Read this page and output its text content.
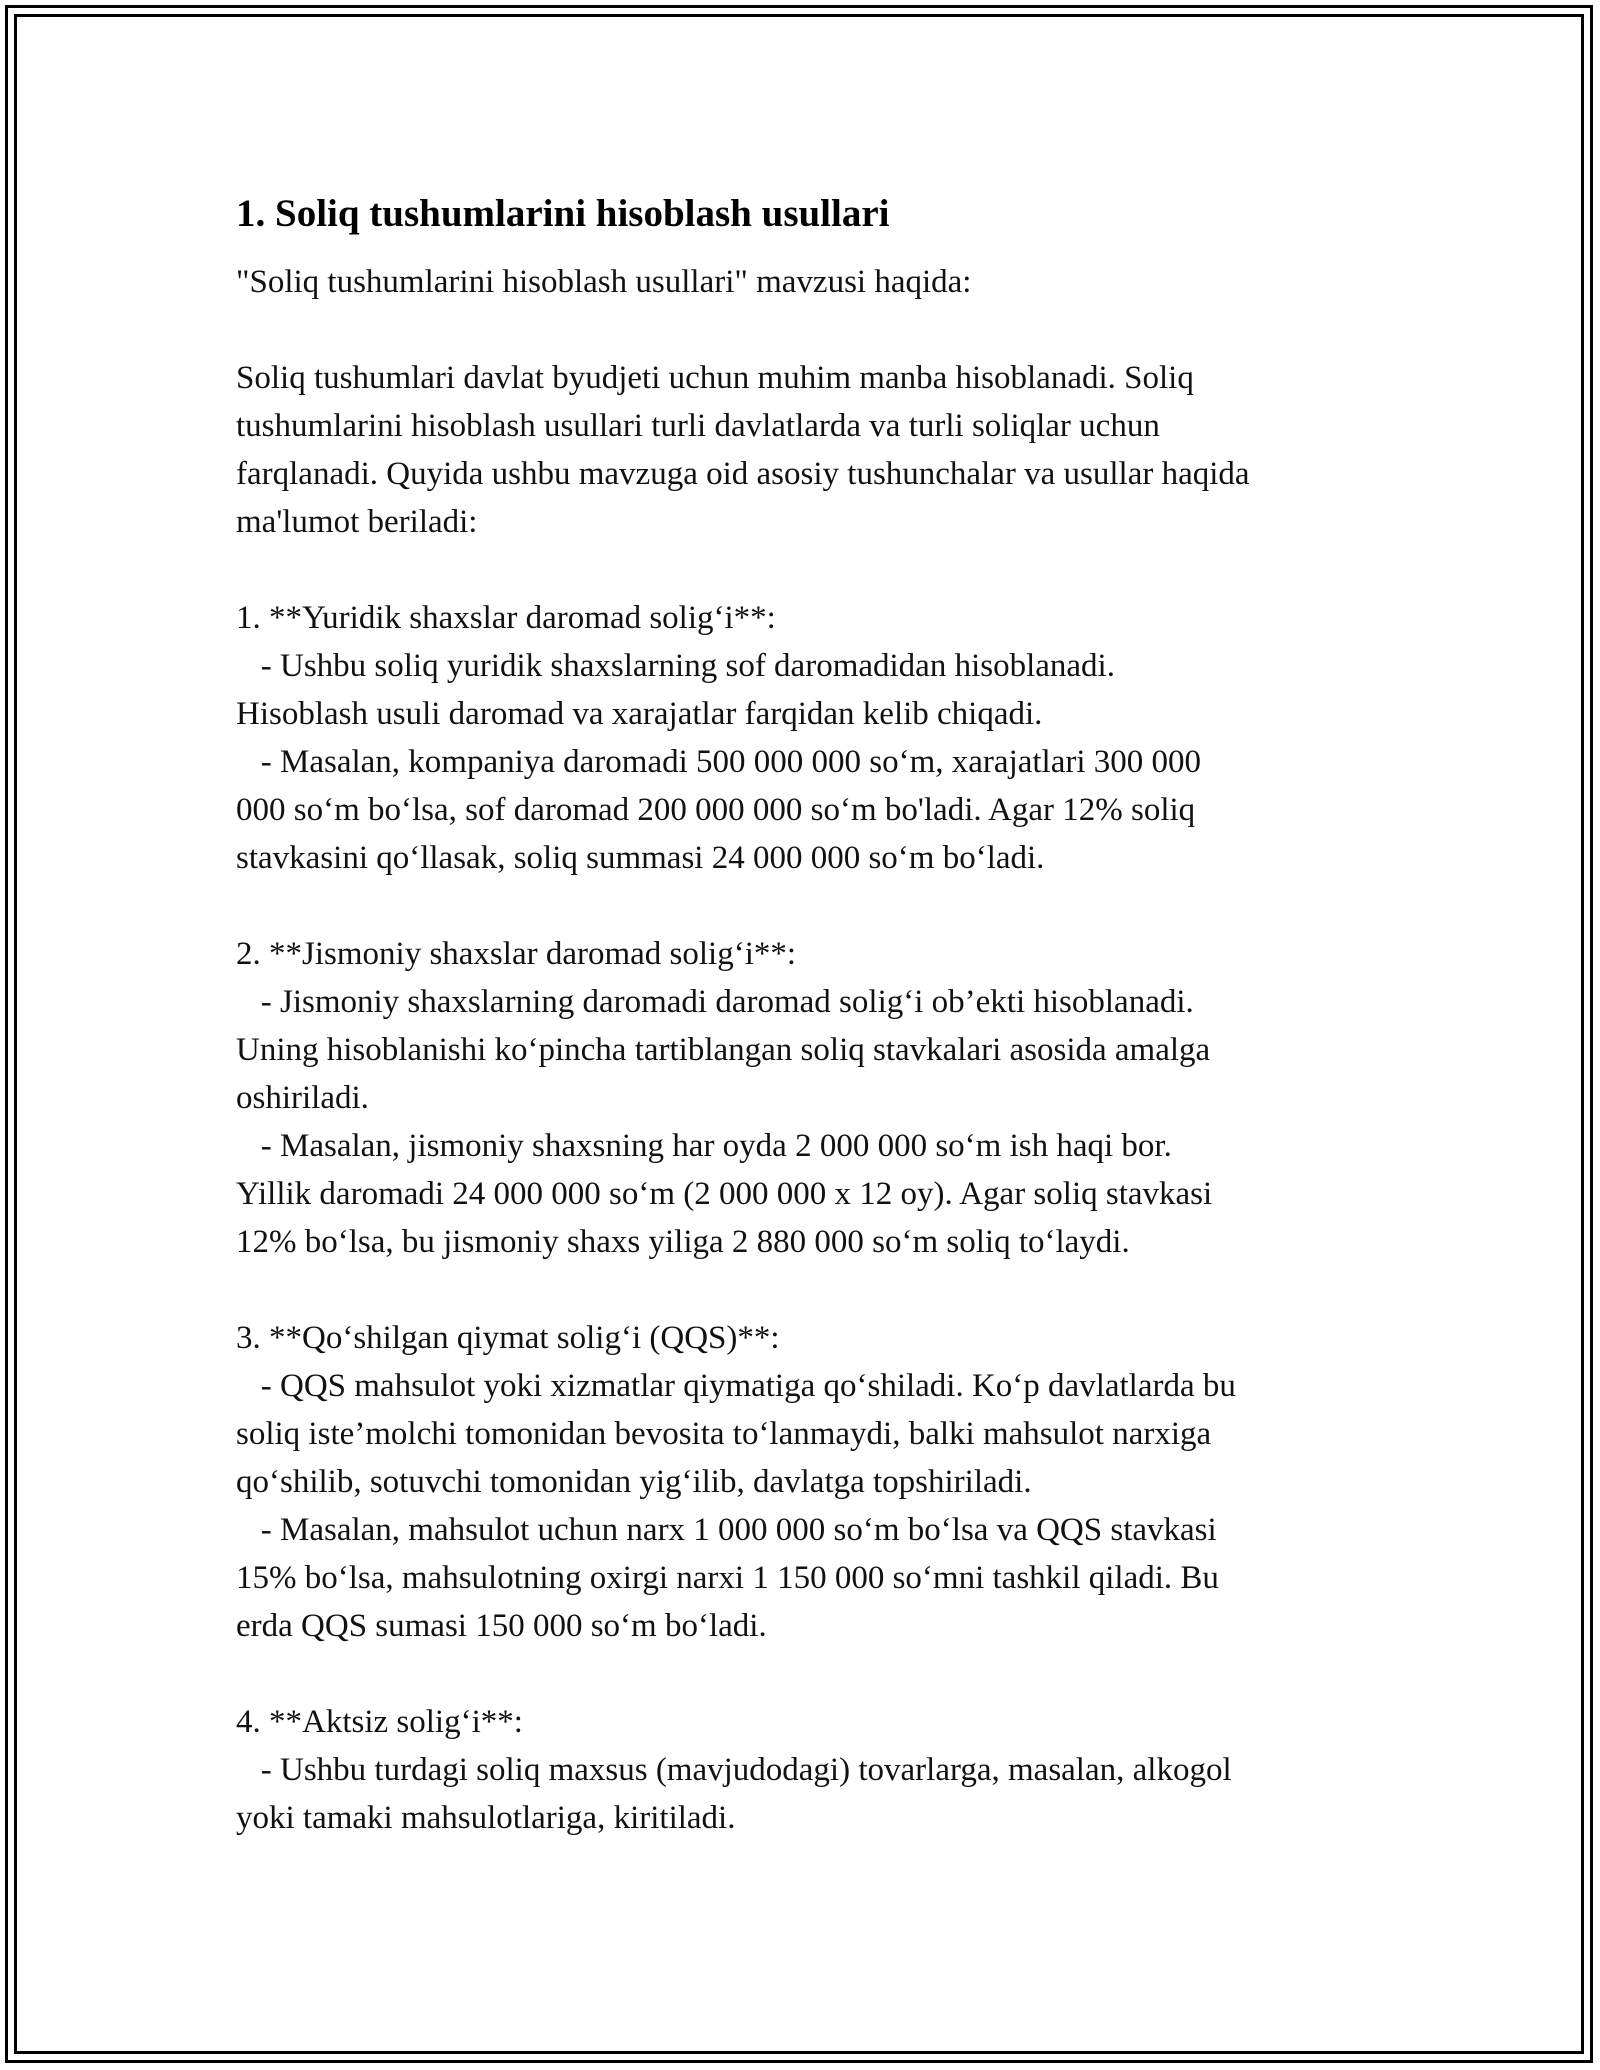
1. Soliq tushumlarini hisoblash usullari
"Soliq tushumlarini hisoblash usullari" mavzusi haqida:
Soliq tushumlari davlat byudjeti uchun muhim manba hisoblanadi. Soliq
tushumlarini hisoblash usullari turli davlatlarda va turli soliqlar uchun
farqlanadi. Quyida ushbu mavzuga oid asosiy tushunchalar va usullar haqida
ma'lumot beriladi:
1. **Yuridik shaxslar daromad solig‘i**:
- Ushbu soliq yuridik shaxslarning sof daromadidan hisoblanadi.
Hisoblash usuli daromad va xarajatlar farqidan kelib chiqadi.
- Masalan, kompaniya daromadi 500 000 000 so‘m, xarajatlari 300 000
000 so‘m bo‘lsa, sof daromad 200 000 000 so‘m bo'ladi. Agar 12% soliq
stavkasini qo‘llasak, soliq summasi 24 000 000 so‘m bo‘ladi.
2. **Jismoniy shaxslar daromad solig‘i**:
- Jismoniy shaxslarning daromadi daromad solig‘i ob’ekti hisoblanadi.
Uning hisoblanishi ko‘pincha tartiblangan soliq stavkalari asosida amalga
oshiriladi.
- Masalan, jismoniy shaxsning har oyda 2 000 000 so‘m ish haqi bor.
Yillik daromadi 24 000 000 so‘m (2 000 000 x 12 oy). Agar soliq stavkasi
12% bo‘lsa, bu jismoniy shaxs yiliga 2 880 000 so‘m soliq to‘laydi.
3. **Qo‘shilgan qiymat solig‘i (QQS)**:
- QQS mahsulot yoki xizmatlar qiymatiga qo‘shiladi. Ko‘p davlatlarda bu
soliq iste’molchi tomonidan bevosita to‘lanmaydi, balki mahsulot narxiga
qo‘shilib, sotuvchi tomonidan yig‘ilib, davlatga topshiriladi.
- Masalan, mahsulot uchun narx 1 000 000 so‘m bo‘lsa va QQS stavkasi
15% bo‘lsa, mahsulotning oxirgi narxi 1 150 000 so‘mni tashkil qiladi. Bu
erda QQS sumasi 150 000 so‘m bo‘ladi.
4. **Aktsiz solig‘i**:
- Ushbu turdagi soliq maxsus (mavjudodagi) tovarlarga, masalan, alkogol
yoki tamaki mahsulotlariga, kiritiladi.
